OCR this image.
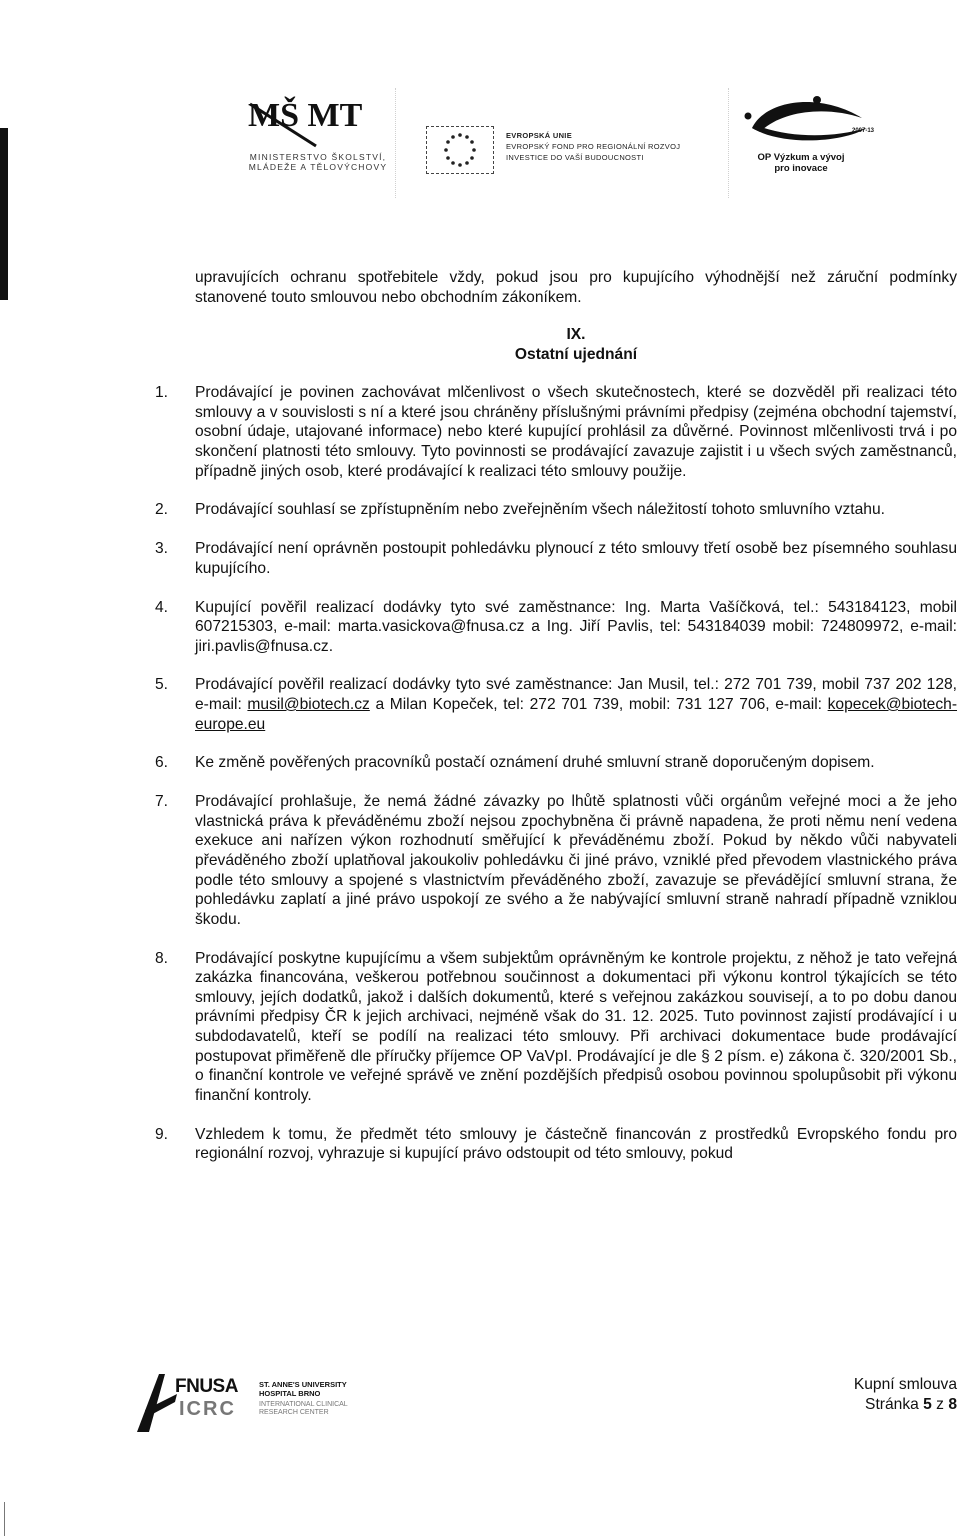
MŠ MT
MINISTERSTVO ŠKOLSTVÍ,
MLÁDEŽE A TĚLOVÝCHOVY
EVROPSKÁ UNIE
EVROPSKÝ FOND PRO REGIONÁLNÍ ROZVOJ
INVESTICE DO VAŠÍ BUDOUCNOSTI
2007-13
OP Výzkum a vývoj
pro inovace

upravujících ochranu spotřebitele vždy, pokud jsou pro kupujícího výhodnější než záruční podmínky stanovené touto smlouvou nebo obchodním zákoníkem.

IX.
Ostatní ujednání
1. Prodávající je povinen zachovávat mlčenlivost o všech skutečnostech, které se dozvěděl při realizaci této smlouvy a v souvislosti s ní a které jsou chráněny příslušnými právními předpisy (zejména obchodní tajemství, osobní údaje, utajované informace) nebo které kupující prohlásil za důvěrné. Povinnost mlčenlivosti trvá i po skončení platnosti této smlouvy. Tyto povinnosti se prodávající zavazuje zajistit i u všech svých zaměstnanců, případně jiných osob, které prodávající k realizaci této smlouvy použije.
2. Prodávající souhlasí se zpřístupněním nebo zveřejněním všech náležitostí tohoto smluvního vztahu.
3. Prodávající není oprávněn postoupit pohledávku plynoucí z této smlouvy třetí osobě bez písemného souhlasu kupujícího.
4. Kupující pověřil realizací dodávky tyto své zaměstnance: Ing. Marta Vašíčková, tel.: 543184123, mobil 607215303, e-mail: marta.vasickova@fnusa.cz a Ing. Jiří Pavlis, tel: 543184039 mobil: 724809972, e-mail: jiri.pavlis@fnusa.cz.
5. Prodávající pověřil realizací dodávky tyto své zaměstnance: Jan Musil, tel.: 272 701 739, mobil 737 202 128, e-mail: musil@biotech.cz a Milan Kopeček, tel: 272 701 739, mobil: 731 127 706, e-mail: kopecek@biotech-europe.eu
6. Ke změně pověřených pracovníků postačí oznámení druhé smluvní straně doporučeným dopisem.
7. Prodávající prohlašuje, že nemá žádné závazky po lhůtě splatnosti vůči orgánům veřejné moci a že jeho vlastnická práva k převáděnému zboží nejsou zpochybněna či právně napadena, že proti němu není vedena exekuce ani nařízen výkon rozhodnutí směřující k převáděnému zboží. Pokud by někdo vůči nabyvateli převáděného zboží uplatňoval jakoukoliv pohledávku či jiné právo, vzniklé před převodem vlastnického práva podle této smlouvy a spojené s vlastnictvím převáděného zboží, zavazuje se převádějící smluvní strana, že pohledávku zaplatí a jiné právo uspokojí ze svého a že nabývající smluvní straně nahradí případně vzniklou škodu.
8. Prodávající poskytne kupujícímu a všem subjektům oprávněným ke kontrole projektu, z něhož je tato veřejná zakázka financována, veškerou potřebnou součinnost a dokumentaci při výkonu kontrol týkajících se této smlouvy, jejích dodatků, jakož i dalších dokumentů, které s veřejnou zakázkou souvisejí, a to po dobu danou právními předpisy ČR k jejich archivaci, nejméně však do 31. 12. 2025. Tuto povinnost zajistí prodávající i u subdodavatelů, kteří se podílí na realizaci této smlouvy. Při archivaci dokumentace bude prodávající postupovat přiměřeně dle příručky příjemce OP VaVpI. Prodávající je dle § 2 písm. e) zákona č. 320/2001 Sb., o finanční kontrole ve veřejné správě ve znění pozdějších předpisů osobou povinnou spolupůsobit při výkonu finanční kontroly.
9. Vzhledem k tomu, že předmět této smlouvy je částečně financován z prostředků Evropského fondu pro regionální rozvoj, vyhrazuje si kupující právo odstoupit od této smlouvy, pokud
FNUSA
ICRC
ST. ANNE'S UNIVERSITY
HOSPITAL BRNO
INTERNATIONAL CLINICAL
RESEARCH CENTER
Kupní smlouva
Stránka 5 z 8
